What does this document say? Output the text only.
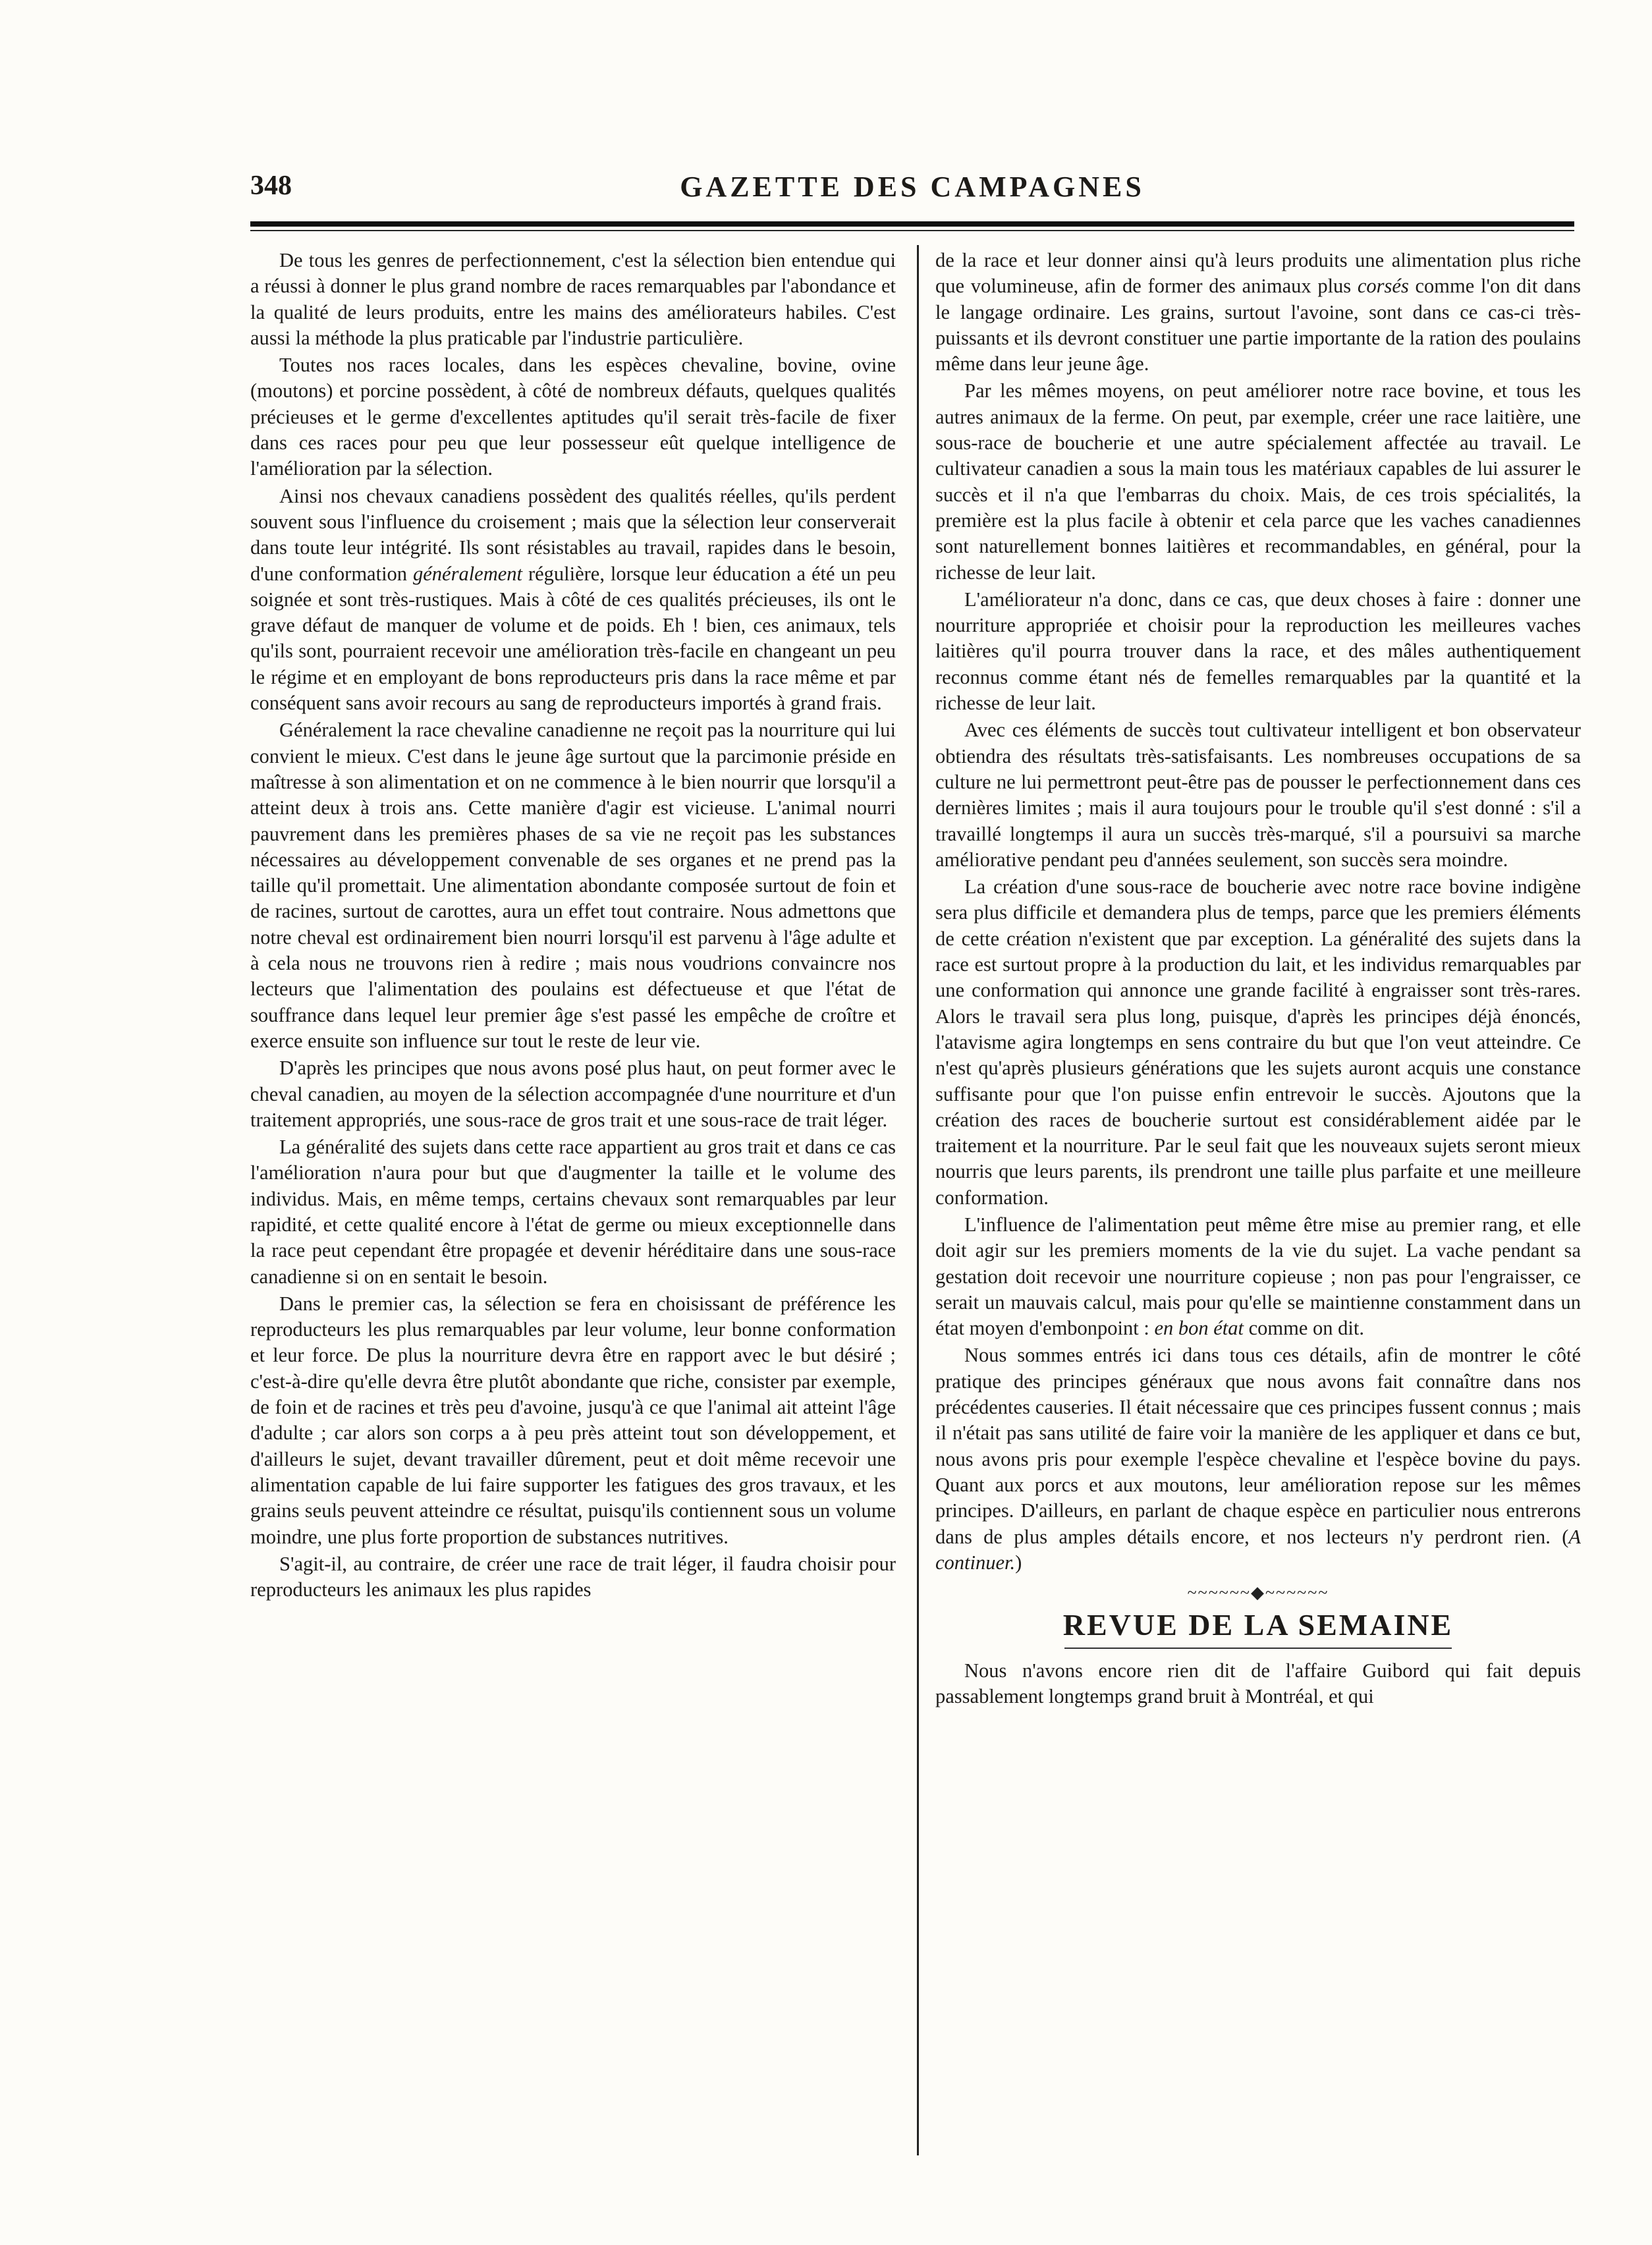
348	GAZETTE DES CAMPAGNES

De tous les genres de perfectionnement, c'est la sélection bien entendue qui a réussi à donner le plus grand nombre de races remarquables par l'abondance et la qualité de leurs produits, entre les mains des améliorateurs habiles. C'est aussi la méthode la plus praticable par l'industrie particulière.

Toutes nos races locales, dans les espèces chevaline, bovine, ovine (moutons) et porcine possèdent, à côté de nombreux défauts, quelques qualités précieuses et le germe d'excellentes aptitudes qu'il serait très-facile de fixer dans ces races pour peu que leur possesseur eût quelque intelligence de l'amélioration par la sélection.

Ainsi nos chevaux canadiens possèdent des qualités réelles, qu'ils perdent souvent sous l'influence du croisement ; mais que la sélection leur conserverait dans toute leur intégrité. Ils sont résistables au travail, rapides dans le besoin, d'une conformation généralement régulière, lorsque leur éducation a été un peu soignée et sont très-rustiques. Mais à côté de ces qualités précieuses, ils ont le grave défaut de manquer de volume et de poids. Eh ! bien, ces animaux, tels qu'ils sont, pourraient recevoir une amélioration très-facile en changeant un peu le régime et en employant de bons reproducteurs pris dans la race même et par conséquent sans avoir recours au sang de reproducteurs importés à grand frais.

Généralement la race chevaline canadienne ne reçoit pas la nourriture qui lui convient le mieux. C'est dans le jeune âge surtout que la parcimonie préside en maîtresse à son alimentation et on ne commence à le bien nourrir que lorsqu'il a atteint deux à trois ans. Cette manière d'agir est vicieuse. L'animal nourri pauvrement dans les premières phases de sa vie ne reçoit pas les substances nécessaires au développement convenable de ses organes et ne prend pas la taille qu'il promettait. Une alimentation abondante composée surtout de foin et de racines, surtout de carottes, aura un effet tout contraire. Nous admettons que notre cheval est ordinairement bien nourri lorsqu'il est parvenu à l'âge adulte et à cela nous ne trouvons rien à redire ; mais nous voudrions convaincre nos lecteurs que l'alimentation des poulains est défectueuse et que l'état de souffrance dans lequel leur premier âge s'est passé les empêche de croître et exerce ensuite son influence sur tout le reste de leur vie.

D'après les principes que nous avons posé plus haut, on peut former avec le cheval canadien, au moyen de la sélection accompagnée d'une nourriture et d'un traitement appropriés, une sous-race de gros trait et une sous-race de trait léger.

La généralité des sujets dans cette race appartient au gros trait et dans ce cas l'amélioration n'aura pour but que d'augmenter la taille et le volume des individus. Mais, en même temps, certains chevaux sont remarquables par leur rapidité, et cette qualité encore à l'état de germe ou mieux exceptionnelle dans la race peut cependant être propagée et devenir héréditaire dans une sous-race canadienne si on en sentait le besoin.

Dans le premier cas, la sélection se fera en choisissant de préférence les reproducteurs les plus remarquables par leur volume, leur bonne conformation et leur force. De plus la nourriture devra être en rapport avec le but désiré ; c'est-à-dire qu'elle devra être plutôt abondante que riche, consister par exemple, de foin et de racines et très peu d'avoine, jusqu'à ce que l'animal ait atteint l'âge d'adulte ; car alors son corps a à peu près atteint tout son développement, et d'ailleurs le sujet, devant travailler dûrement, peut et doit même recevoir une alimentation capable de lui faire supporter les fatigues des gros travaux, et les grains seuls peuvent atteindre ce résultat, puisqu'ils contiennent sous un volume moindre, une plus forte proportion de substances nutritives.

S'agit-il, au contraire, de créer une race de trait léger, il faudra choisir pour reproducteurs les animaux les plus rapides

de la race et leur donner ainsi qu'à leurs produits une alimentation plus riche que volumineuse, afin de former des animaux plus corsés comme l'on dit dans le langage ordinaire. Les grains, surtout l'avoine, sont dans ce cas-ci très-puissants et ils devront constituer une partie importante de la ration des poulains même dans leur jeune âge.

Par les mêmes moyens, on peut améliorer notre race bovine, et tous les autres animaux de la ferme. On peut, par exemple, créer une race laitière, une sous-race de boucherie et une autre spécialement affectée au travail. Le cultivateur canadien a sous la main tous les matériaux capables de lui assurer le succès et il n'a que l'embarras du choix. Mais, de ces trois spécialités, la première est la plus facile à obtenir et cela parce que les vaches canadiennes sont naturellement bonnes laitières et recommandables, en général, pour la richesse de leur lait.

L'améliorateur n'a donc, dans ce cas, que deux choses à faire : donner une nourriture appropriée et choisir pour la reproduction les meilleures vaches laitières qu'il pourra trouver dans la race, et des mâles authentiquement reconnus comme étant nés de femelles remarquables par la quantité et la richesse de leur lait.

Avec ces éléments de succès tout cultivateur intelligent et bon observateur obtiendra des résultats très-satisfaisants. Les nombreuses occupations de sa culture ne lui permettront peut-être pas de pousser le perfectionnement dans ces dernières limites ; mais il aura toujours pour le trouble qu'il s'est donné : s'il a travaillé longtemps il aura un succès très-marqué, s'il a poursuivi sa marche améliorative pendant peu d'années seulement, son succès sera moindre.

La création d'une sous-race de boucherie avec notre race bovine indigène sera plus difficile et demandera plus de temps, parce que les premiers éléments de cette création n'existent que par exception. La généralité des sujets dans la race est surtout propre à la production du lait, et les individus remarquables par une conformation qui annonce une grande facilité à engraisser sont très-rares. Alors le travail sera plus long, puisque, d'après les principes déjà énoncés, l'atavisme agira longtemps en sens contraire du but que l'on veut atteindre. Ce n'est qu'après plusieurs générations que les sujets auront acquis une constance suffisante pour que l'on puisse enfin entrevoir le succès. Ajoutons que la création des races de boucherie surtout est considérablement aidée par le traitement et la nourriture. Par le seul fait que les nouveaux sujets seront mieux nourris que leurs parents, ils prendront une taille plus parfaite et une meilleure conformation.

L'influence de l'alimentation peut même être mise au premier rang, et elle doit agir sur les premiers moments de la vie du sujet. La vache pendant sa gestation doit recevoir une nourriture copieuse ; non pas pour l'engraisser, ce serait un mauvais calcul, mais pour qu'elle se maintienne constamment dans un état moyen d'embonpoint : en bon état comme on dit.

Nous sommes entrés ici dans tous ces détails, afin de montrer le côté pratique des principes généraux que nous avons fait connaître dans nos précédentes causeries. Il était nécessaire que ces principes fussent connus ; mais il n'était pas sans utilité de faire voir la manière de les appliquer et dans ce but, nous avons pris pour exemple l'espèce chevaline et l'espèce bovine du pays. Quant aux porcs et aux moutons, leur amélioration repose sur les mêmes principes. D'ailleurs, en parlant de chaque espèce en particulier nous entrerons dans de plus amples détails encore, et nos lecteurs n'y perdront rien. (A continuer.)

~~~~~~◆~~~~~~
REVUE DE LA SEMAINE

Nous n'avons encore rien dit de l'affaire Guibord qui fait depuis passablement longtemps grand bruit à Montréal, et qui
